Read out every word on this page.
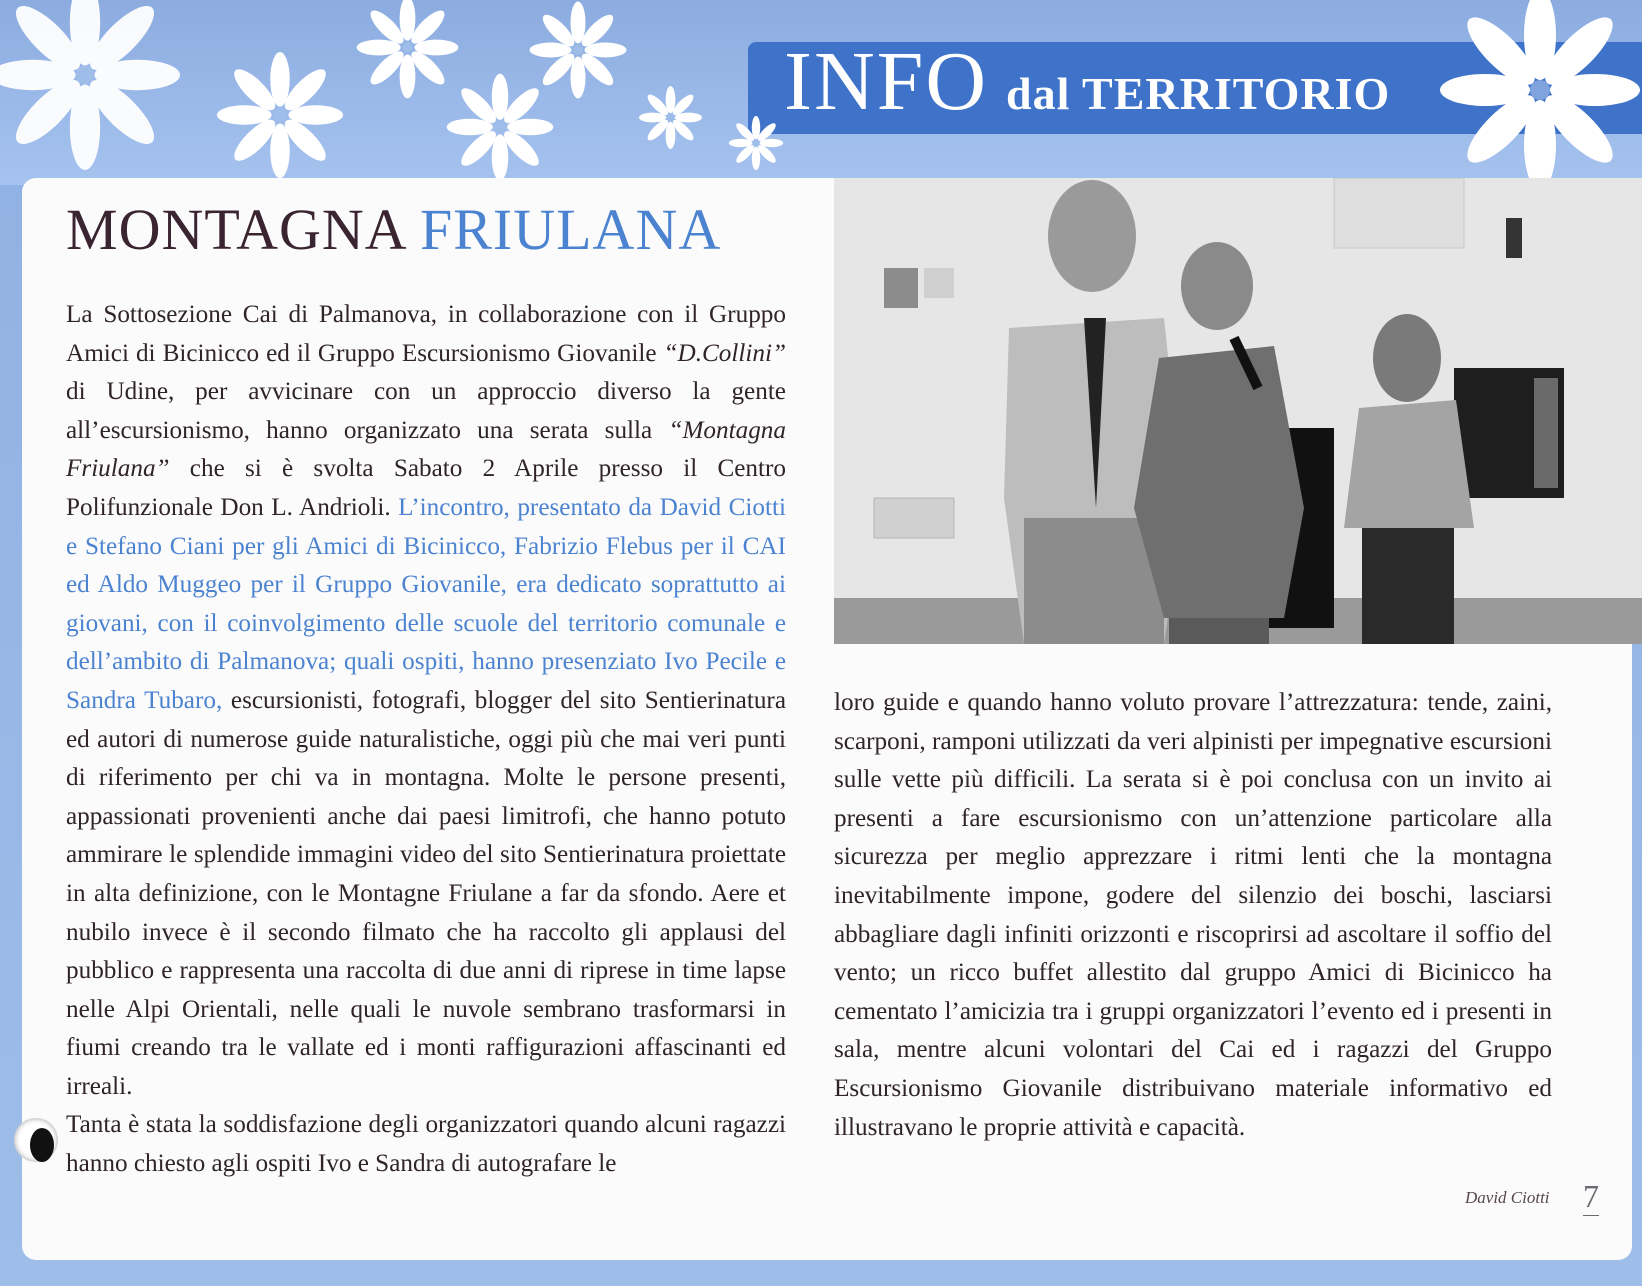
INFO dal TERRITORIO
MONTAGNA FRIULANA

La Sottosezione Cai di Palmanova, in collaborazione con il Gruppo Amici di Bicinicco ed il Gruppo Escursionismo Giovanile “D.Collini” di Udine, per avvicinare con un approccio diverso la gente all’escursionismo, hanno organizzato una serata sulla “Montagna Friulana” che si è svolta Sabato 2 Aprile presso il Centro Polifunzionale Don L. Andrioli. L’incontro, presentato da David Ciotti e Stefano Ciani per gli Amici di Bicinicco, Fabrizio Flebus per il CAI ed Aldo Muggeo per il Gruppo Giovanile, era dedicato soprattutto ai giovani, con il coinvolgimento delle scuole del territorio comunale e dell’ambito di Palmanova; quali ospiti, hanno presenziato Ivo Pecile e Sandra Tubaro, escursionisti, fotografi, blogger del sito Sentierinatura ed autori di numerose guide naturalistiche, oggi più che mai veri punti di riferimento per chi va in montagna. Molte le persone presenti, appassionati provenienti anche dai paesi limitrofi, che hanno potuto ammirare le splendide immagini video del sito Sentierinatura proiettate in alta definizione, con le Montagne Friulane a far da sfondo. Aere et nubilo invece è il secondo filmato che ha raccolto gli applausi del pubblico e rappresenta una raccolta di due anni di riprese in time lapse nelle Alpi Orientali, nelle quali le nuvole sembrano trasformarsi in fiumi creando tra le vallate ed i monti raffigurazioni affascinanti ed irreali.

Tanta è stata la soddisfazione degli organizzatori quando alcuni ragazzi hanno chiesto agli ospiti Ivo e Sandra di autografare le

loro guide e quando hanno voluto provare l’attrezzatura: tende, zaini, scarponi, ramponi utilizzati da veri alpinisti per impegnative escursioni sulle vette più difficili. La serata si è poi conclusa con un invito ai presenti a fare escursionismo con un’attenzione particolare alla sicurezza per meglio apprezzare i ritmi lenti che la montagna inevitabilmente impone, godere del silenzio dei boschi, lasciarsi abbagliare dagli infiniti orizzonti e riscoprirsi ad ascoltare il soffio del vento; un ricco buffet allestito dal gruppo Amici di Bicinicco ha cementato l’amicizia tra i gruppi organizzatori l’evento ed i presenti in sala, mentre alcuni volontari del Cai ed i ragazzi del Gruppo Escursionismo Giovanile distribuivano materiale informativo ed illustravano le proprie attività e capacità.

David Ciotti 7
